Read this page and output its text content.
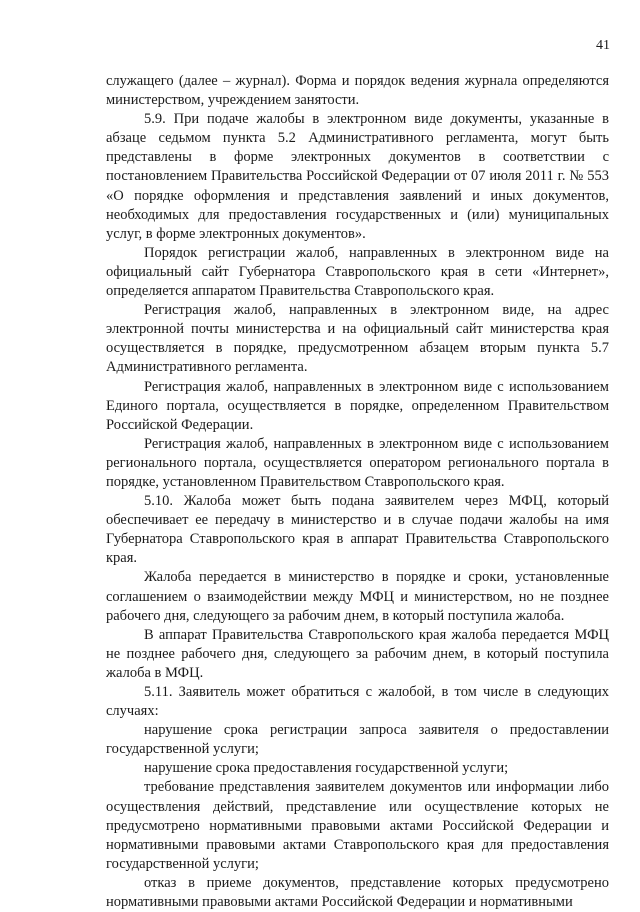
41

служащего (далее – журнал). Форма и порядок ведения журнала определяются министерством, учреждением занятости.

5.9. При подаче жалобы в электронном виде документы, указанные в абзаце седьмом пункта 5.2 Административного регламента, могут быть представлены в форме электронных документов в соответствии с постановлением Правительства Российской Федерации от 07 июля 2011 г. № 553 «О порядке оформления и представления заявлений и иных документов, необходимых для предоставления государственных и (или) муниципальных услуг, в форме электронных документов».

Порядок регистрации жалоб, направленных в электронном виде на официальный сайт Губернатора Ставропольского края в сети «Интернет», определяется аппаратом Правительства Ставропольского края.

Регистрация жалоб, направленных в электронном виде, на адрес электронной почты министерства и на официальный сайт министерства края осуществляется в порядке, предусмотренном абзацем вторым пункта 5.7 Административного регламента.

Регистрация жалоб, направленных в электронном виде с использованием Единого портала, осуществляется в порядке, определенном Правительством Российской Федерации.

Регистрация жалоб, направленных в электронном виде с использованием регионального портала, осуществляется оператором регионального портала в порядке, установленном Правительством Ставропольского края.

5.10. Жалоба может быть подана заявителем через МФЦ, который обеспечивает ее передачу в министерство и в случае подачи жалобы на имя Губернатора Ставропольского края в аппарат Правительства Ставропольского края.

Жалоба передается в министерство в порядке и сроки, установленные соглашением о взаимодействии между МФЦ и министерством, но не позднее рабочего дня, следующего за рабочим днем, в который поступила жалоба.

В аппарат Правительства Ставропольского края жалоба передается МФЦ не позднее рабочего дня, следующего за рабочим днем, в который поступила жалоба в МФЦ.

5.11. Заявитель может обратиться с жалобой, в том числе в следующих случаях:

нарушение срока регистрации запроса заявителя о предоставлении государственной услуги;

нарушение срока предоставления государственной услуги;

требование представления заявителем документов или информации либо осуществления действий, представление или осуществление которых не предусмотрено нормативными правовыми актами Российской Федерации и нормативными правовыми актами Ставропольского края для предоставления государственной услуги;

отказ в приеме документов, представление которых предусмотрено нормативными правовыми актами Российской Федерации и нормативными
